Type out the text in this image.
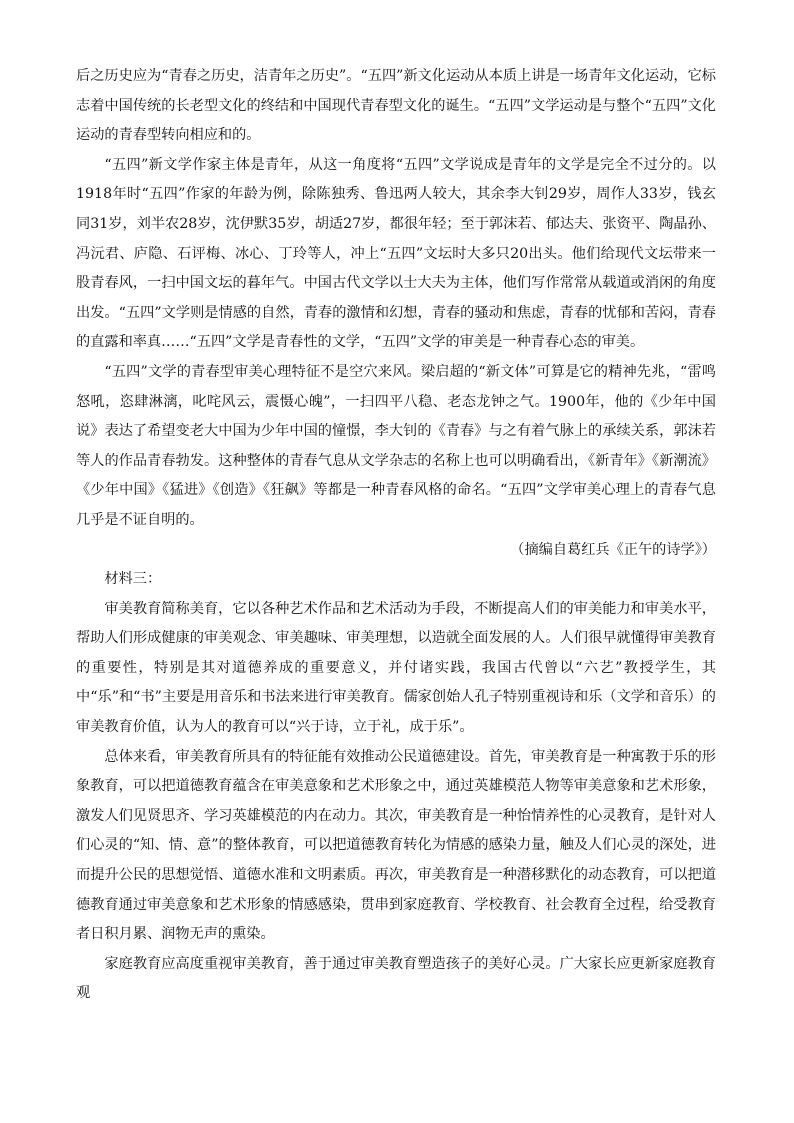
后之历史应为“青春之历史，洁青年之历史”。“五四”新文化运动从本质上讲是一场青年文化运动，它标志着中国传统的长老型文化的终结和中国现代青春型文化的诞生。“五四”文学运动是与整个“五四”文化运动的青春型转向相应和的。

“五四”新文学作家主体是青年，从这一角度将“五四”文学说成是青年的文学是完全不过分的。以1918年时“五四”作家的年龄为例，除陈独秀、鲁迅两人较大，其余李大钊29岁，周作人33岁，钱玄同31岁，刘半农28岁，沈伊默35岁，胡适27岁，都很年轻；至于郭沫若、郁达夫、张资平、陶晶孙、冯沅君、庐隐、石评梅、冰心、丁玲等人，冲上“五四”文坛时大多只20出头。他们给现代文坛带来一股青春风，一扫中国文坛的暮年气。中国古代文学以士大夫为主体，他们写作常常从载道或消闲的角度出发。“五四”文学则是情感的自然，青春的激情和幻想，青春的骚动和焦虑，青春的忧郁和苦闷，青春的直露和率真……“五四”文学是青春性的文学，“五四”文学的审美是一种青春心态的审美。

“五四”文学的青春型审美心理特征不是空穴来风。梁启超的“新文体”可算是它的精神先兆，“雷鸣怒吼，恣肆淋漓，叱咤风云，震慑心魄”，一扫四平八稳、老态龙钟之气。1900年，他的《少年中国说》表达了希望变老大中国为少年中国的憧憬，李大钊的《青春》与之有着气脉上的承续关系，郭沫若等人的作品青春勃发。这种整体的青春气息从文学杂志的名称上也可以明确看出，《新青年》《新潮流》《少年中国》《猛进》《创造》《狂飙》等都是一种青春风格的命名。“五四”文学审美心理上的青春气息几乎是不证自明的。

（摘编自葛红兵《正午的诗学》）

材料三：

审美教育简称美育，它以各种艺术作品和艺术活动为手段，不断提高人们的审美能力和审美水平，帮助人们形成健康的审美观念、审美趣味、审美理想，以造就全面发展的人。人们很早就懂得审美教育的重要性，特别是其对道德养成的重要意义，并付诸实践，我国古代曾以“六艺”教授学生，其中“乐”和“书”主要是用音乐和书法来进行审美教育。儒家创始人孔子特别重视诗和乐（文学和音乐）的审美教育价值，认为人的教育可以“兴于诗，立于礼，成于乐”。

总体来看，审美教育所具有的特征能有效推动公民道德建设。首先，审美教育是一种寓教于乐的形象教育，可以把道德教育蕴含在审美意象和艺术形象之中，通过英雄模范人物等审美意象和艺术形象，激发人们见贤思齐、学习英雄模范的内在动力。其次，审美教育是一种怡情养性的心灵教育，是针对人们心灵的“知、情、意”的整体教育，可以把道德教育转化为情感的感染力量，触及人们心灵的深处，进而提升公民的思想觉悟、道德水准和文明素质。再次，审美教育是一种潜移默化的动态教育，可以把道德教育通过审美意象和艺术形象的情感感染，贯串到家庭教育、学校教育、社会教育全过程，给受教育者日积月累、润物无声的熏染。

家庭教育应高度重视审美教育，善于通过审美教育塑造孩子的美好心灵。广大家长应更新家庭教育观
